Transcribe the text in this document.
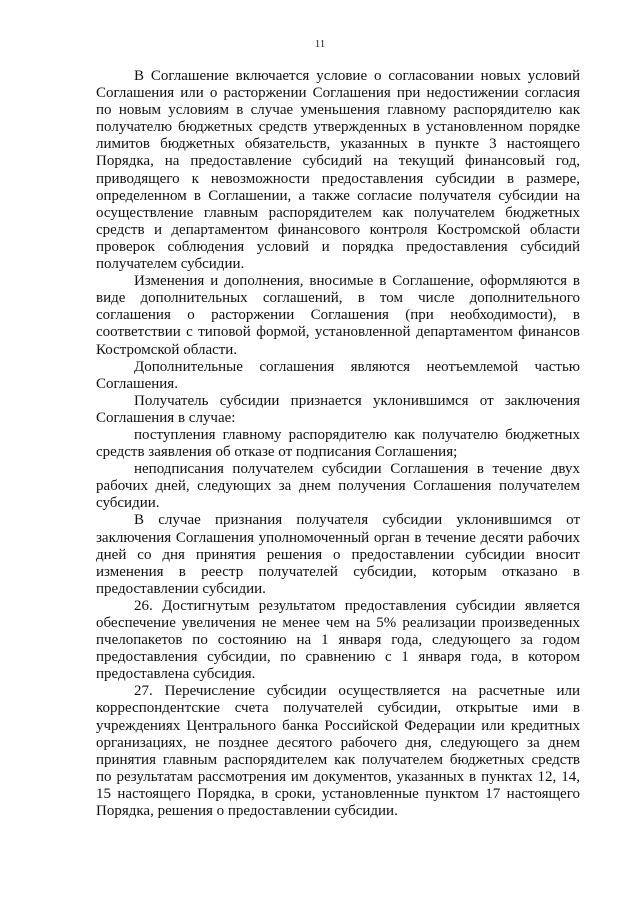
11

В Соглашение включается условие о согласовании новых условий Соглашения или о расторжении Соглашения при недостижении согласия по новым условиям в случае уменьшения главному распорядителю как получателю бюджетных средств утвержденных в установленном порядке лимитов бюджетных обязательств, указанных в пункте 3 настоящего Порядка, на предоставление субсидий на текущий финансовый год, приводящего к невозможности предоставления субсидии в размере, определенном в Соглашении, а также согласие получателя субсидии на осуществление главным распорядителем как получателем бюджетных средств и департаментом финансового контроля Костромской области проверок соблюдения условий и порядка предоставления субсидий получателем субсидии.

Изменения и дополнения, вносимые в Соглашение, оформляются в виде дополнительных соглашений, в том числе дополнительного соглашения о расторжении Соглашения (при необходимости), в соответствии с типовой формой, установленной департаментом финансов Костромской области.

Дополнительные соглашения являются неотъемлемой частью Соглашения.

Получатель субсидии признается уклонившимся от заключения Соглашения в случае:

поступления главному распорядителю как получателю бюджетных средств заявления об отказе от подписания Соглашения;

неподписания получателем субсидии Соглашения в течение двух рабочих дней, следующих за днем получения Соглашения получателем субсидии.

В случае признания получателя субсидии уклонившимся от заключения Соглашения уполномоченный орган в течение десяти рабочих дней со дня принятия решения о предоставлении субсидии вносит изменения в реестр получателей субсидии, которым отказано в предоставлении субсидии.

26. Достигнутым результатом предоставления субсидии является обеспечение увеличения не менее чем на 5% реализации произведенных пчелопакетов по состоянию на 1 января года, следующего за годом предоставления субсидии, по сравнению с 1 января года, в котором предоставлена субсидия.

27. Перечисление субсидии осуществляется на расчетные или корреспондентские счета получателей субсидии, открытые ими в учреждениях Центрального банка Российской Федерации или кредитных организациях, не позднее десятого рабочего дня, следующего за днем принятия главным распорядителем как получателем бюджетных средств по результатам рассмотрения им документов, указанных в пунктах 12, 14, 15 настоящего Порядка, в сроки, установленные пунктом 17 настоящего Порядка, решения о предоставлении субсидии.
